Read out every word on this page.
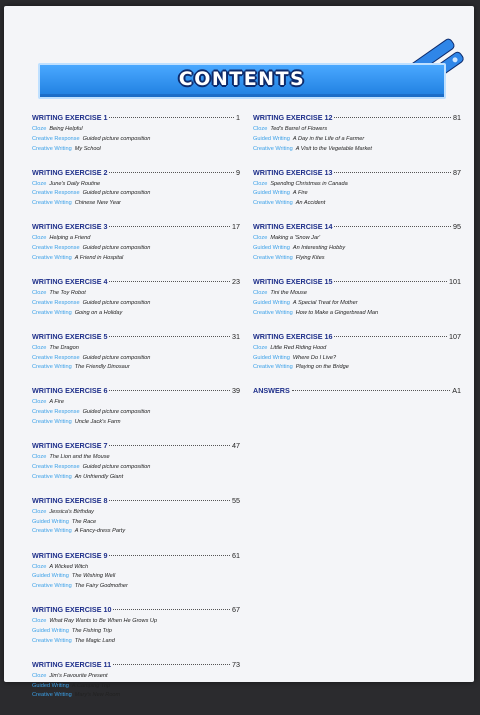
CONTENTS
WRITING EXERCISE 1	1
Cloze Being Helpful
Creative Response Guided picture composition
Creative Writing My School
WRITING EXERCISE 2	9
Cloze June's Daily Routine
Creative Response Guided picture composition
Creative Writing Chinese New Year
WRITING EXERCISE 3	17
Cloze Helping a Friend
Creative Response Guided picture composition
Creative Writing A Friend in Hospital
WRITING EXERCISE 4	23
Cloze The Toy Robot
Creative Response Guided picture composition
Creative Writing Going on a Holiday
WRITING EXERCISE 5	31
Cloze The Dragon
Creative Response Guided picture composition
Creative Writing The Friendly Dinosaur
WRITING EXERCISE 6	39
Cloze A Fire
Creative Response Guided picture composition
Creative Writing Uncle Jack's Farm
WRITING EXERCISE 7	47
Cloze The Lion and the Mouse
Creative Response Guided picture composition
Creative Writing An Unfriendly Giant
WRITING EXERCISE 8	55
Cloze Jessica's Birthday
Guided Writing The Race
Creative Writing A Fancy-dress Party
WRITING EXERCISE 9	61
Cloze A Wicked Witch
Guided Writing The Wishing Well
Creative Writing The Fairy Godmother
WRITING EXERCISE 10	67
Cloze What Ray Wants to Be When He Grows Up
Guided Writing The Fishing Trip
Creative Writing The Magic Land
WRITING EXERCISE 11	73
Cloze Jim's Favourite Present
Guided Writing A Camping Trip
Creative Writing Mary's New Room
WRITING EXERCISE 12	81
Cloze Ted's Barrel of Flowers
Guided Writing A Day in the Life of a Farmer
Creative Writing A Visit to the Vegetable Market
WRITING EXERCISE 13	87
Cloze Spending Christmas in Canada
Guided Writing A Fire
Creative Writing An Accident
WRITING EXERCISE 14	95
Cloze Making a 'Snow Jar'
Guided Writing An Interesting Hobby
Creative Writing Flying Kites
WRITING EXERCISE 15	101
Cloze Tini the Mouse
Guided Writing A Special Treat for Mother
Creative Writing How to Make a Gingerbread Man
WRITING EXERCISE 16	107
Cloze Little Red Riding Hood
Guided Writing Where Do I Live?
Creative Writing Playing on the Bridge
ANSWERS	A1
